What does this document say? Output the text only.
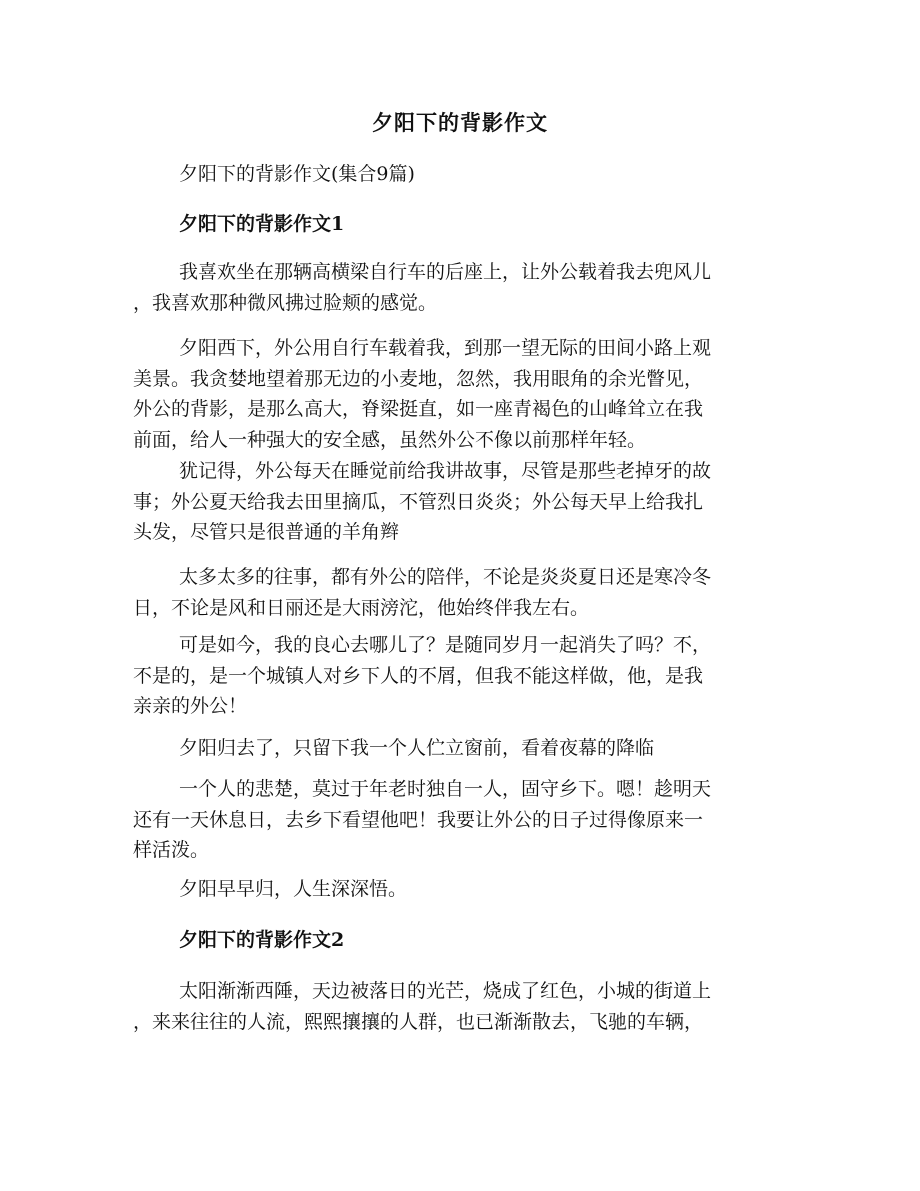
夕阳下的背影作文
夕阳下的背影作文(集合9篇)
夕阳下的背影作文1
我喜欢坐在那辆高横梁自行车的后座上，让外公载着我去兜风儿
，我喜欢那种微风拂过脸颊的感觉。
夕阳西下，外公用自行车载着我，到那一望无际的田间小路上观
美景。我贪婪地望着那无边的小麦地，忽然，我用眼角的余光瞥见，
外公的背影，是那么高大，脊梁挺直，如一座青褐色的山峰耸立在我
前面，给人一种强大的安全感，虽然外公不像以前那样年轻。
犹记得，外公每天在睡觉前给我讲故事，尽管是那些老掉牙的故
事；外公夏天给我去田里摘瓜，不管烈日炎炎；外公每天早上给我扎
头发，尽管只是很普通的羊角辫
太多太多的往事，都有外公的陪伴，不论是炎炎夏日还是寒冷冬
日，不论是风和日丽还是大雨滂沱，他始终伴我左右。
可是如今，我的良心去哪儿了？是随同岁月一起消失了吗？不，
不是的，是一个城镇人对乡下人的不屑，但我不能这样做，他，是我
亲亲的外公！
夕阳归去了，只留下我一个人伫立窗前，看着夜幕的降临
一个人的悲楚，莫过于年老时独自一人，固守乡下。嗯！趁明天
还有一天休息日，去乡下看望他吧！我要让外公的日子过得像原来一
样活泼。
夕阳早早归，人生深深悟。
夕阳下的背影作文2
太阳渐渐西陲，天边被落日的光芒，烧成了红色，小城的街道上
，来来往往的人流，熙熙攘攘的人群，也已渐渐散去，飞驰的车辆，
